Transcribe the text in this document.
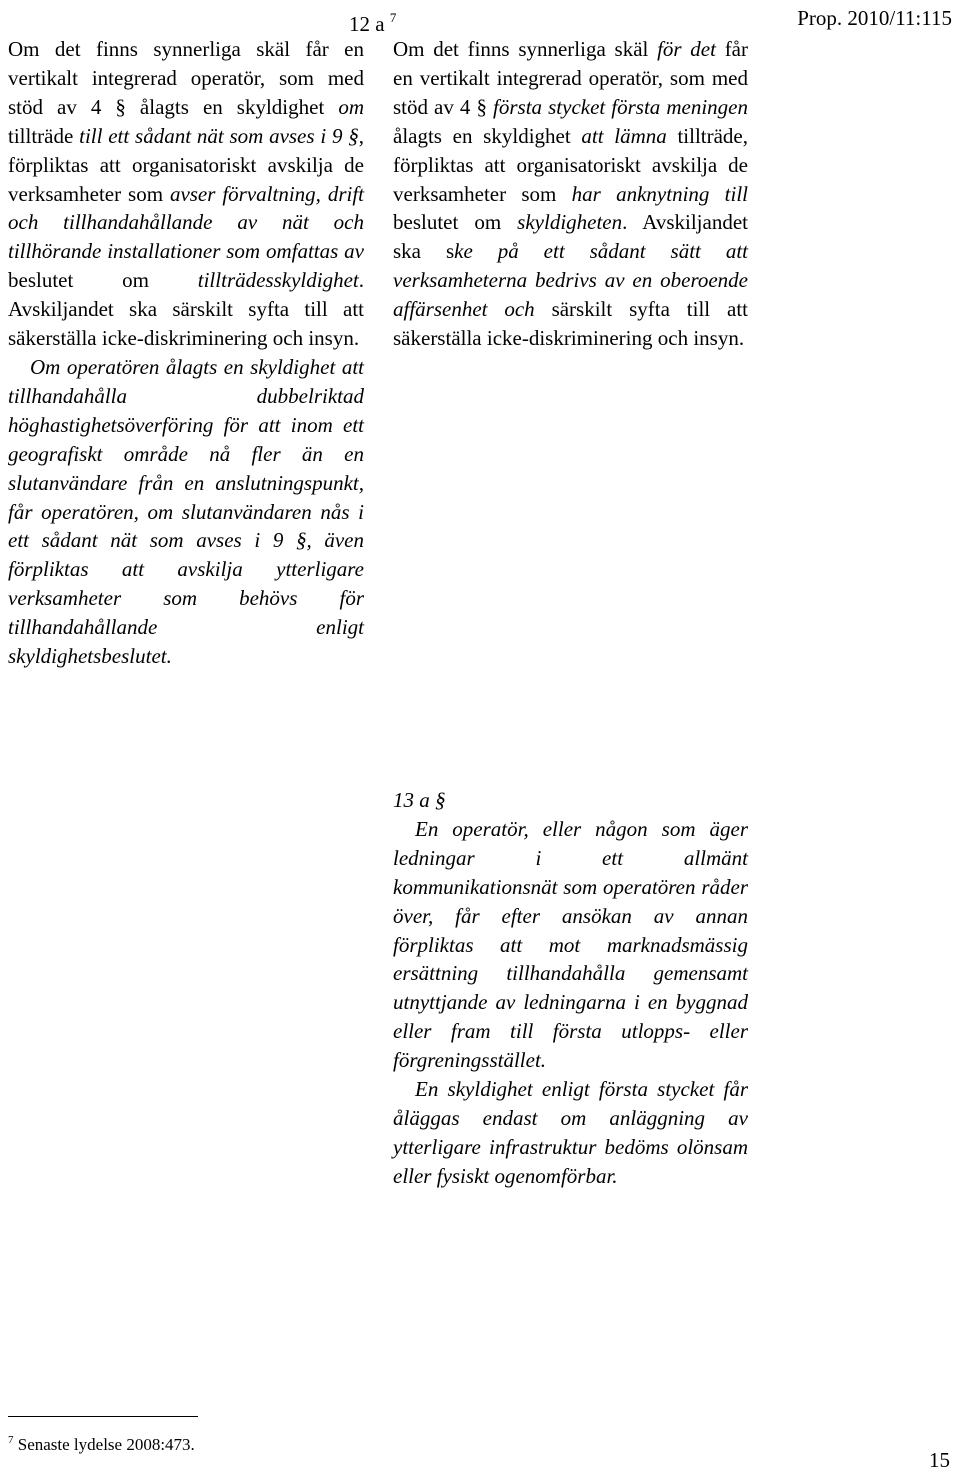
12 a $^7$	Prop. 2010/11:115

Om det finns synnerliga skäl får en vertikalt integrerad operatör, som med stöd av 4 § ålagts en skyldighet om tillträde till ett sådant nät som avses i 9 §, förpliktas att organisatoriskt avskilja de verksamheter som avser förvaltning, drift och tillhandahållande av nät och tillhörande installationer som omfattas av beslutet om tillträdesskyldighet. Avskiljandet ska särskilt syfta till att säkerställa icke-diskriminering och insyn.

Om operatören ålagts en skyldighet att tillhandahålla dubbelriktad höghastighetsöverföring för att inom ett geografiskt område nå fler än en slutanvändare från en anslutningspunkt, får operatören, om slutanvändaren nås i ett sådant nät som avses i 9 §, även förpliktas att avskilja ytterligare verksamheter som behövs för tillhandahållande enligt skyldighetsbeslutet.

Om det finns synnerliga skäl för det får en vertikalt integrerad operatör, som med stöd av 4 § första stycket första meningen ålagts en skyldighet att lämna tillträde, förpliktas att organisatoriskt avskilja de verksamheter som har anknytning till beslutet om skyldigheten. Avskiljandet ska ske på ett sådant sätt att verksamheterna bedrivs av en oberoende affärsenhet och särskilt syfta till att säkerställa icke-diskriminering och insyn.

13 a §

En operatör, eller någon som äger ledningar i ett allmänt kommunikationsnät som operatören råder över, får efter ansökan av annan förpliktas att mot marknadsmässig ersättning tillhandahålla gemensamt utnyttjande av ledningarna i en byggnad eller fram till första utlopps- eller förgreningsstället.

En skyldighet enligt första stycket får åläggas endast om anläggning av ytterligare infrastruktur bedöms olönsam eller fysiskt ogenomförbar.

$^7$ Senaste lydelse 2008:473.
15
